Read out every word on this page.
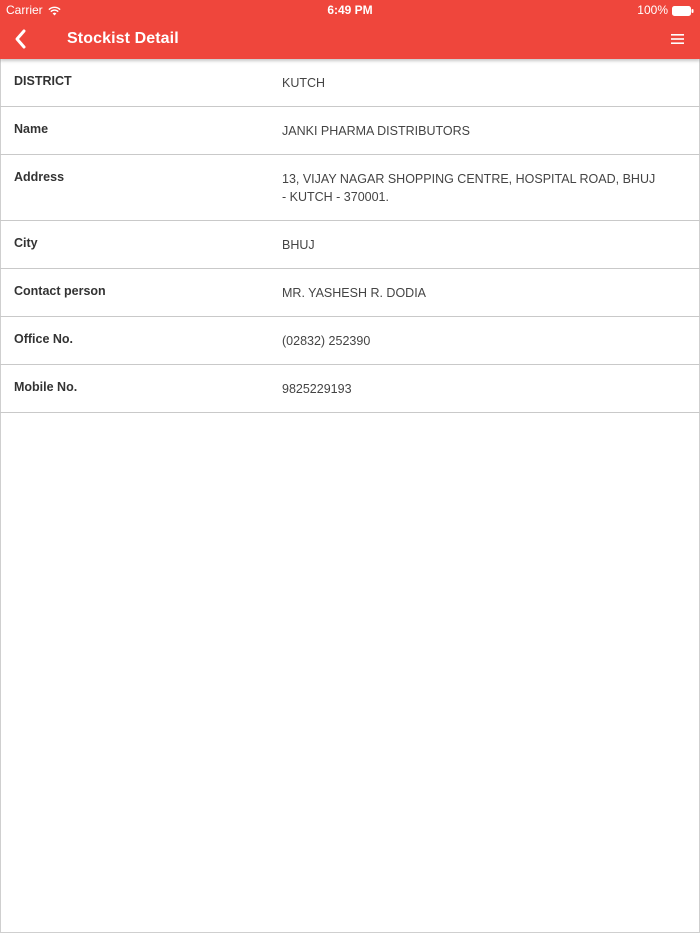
Carrier	6:49 PM	100%
Stockist Detail
DISTRICT	KUTCH
Name	JANKI PHARMA DISTRIBUTORS
Address	13, VIJAY NAGAR SHOPPING CENTRE, HOSPITAL ROAD, BHUJ - KUTCH - 370001.
City	BHUJ
Contact person	MR. YASHESH R. DODIA
Office No.	(02832) 252390
Mobile No.	9825229193
